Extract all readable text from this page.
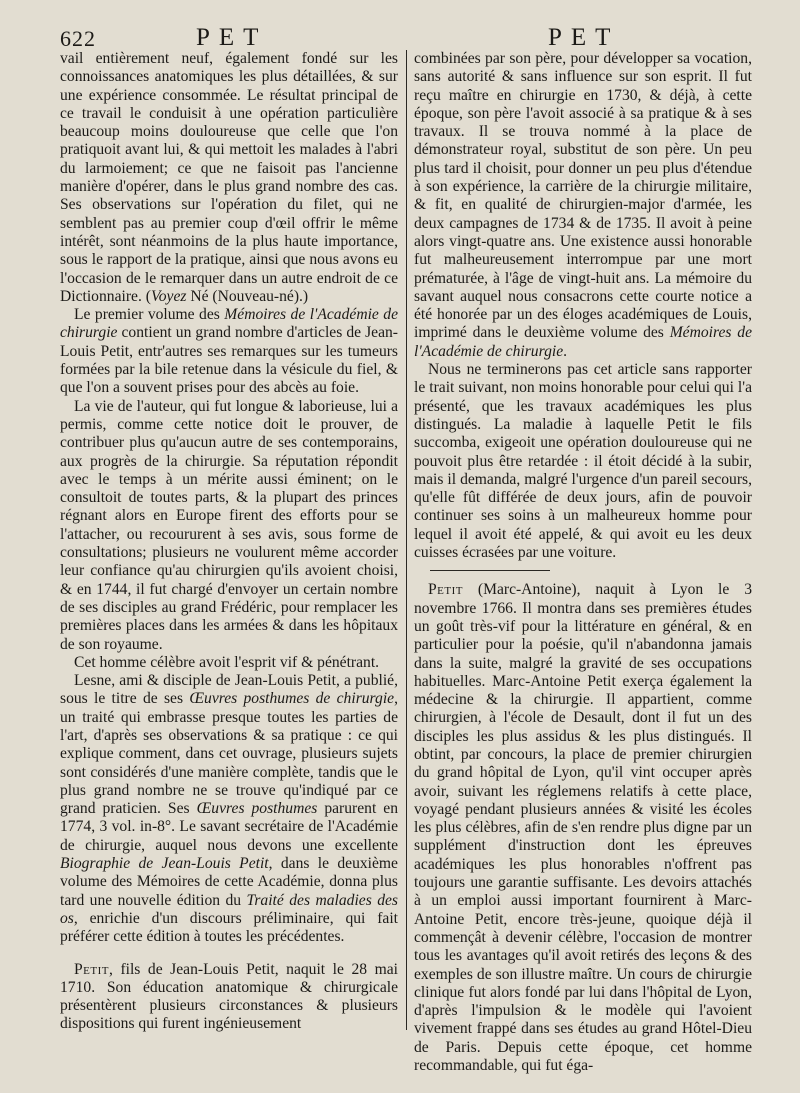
622	PET	PET

vail entièrement neuf, également fondé sur les connoissances anatomiques les plus détaillées, & sur une expérience consommée. Le résultat principal de ce travail le conduisit à une opération particulière beaucoup moins douloureuse que celle que l'on pratiquoit avant lui, & qui mettoit les malades à l'abri du larmoiement; ce que ne faisoit pas l'ancienne manière d'opérer, dans le plus grand nombre des cas. Ses observations sur l'opération du filet, qui ne semblent pas au premier coup d'œil offrir le même intérêt, sont néanmoins de la plus haute importance, sous le rapport de la pratique, ainsi que nous avons eu l'occasion de le remarquer dans un autre endroit de ce Dictionnaire. (Voyez Né (Nouveau-né).)

Le premier volume des Mémoires de l'Académie de chirurgie contient un grand nombre d'articles de Jean-Louis Petit, entr'autres ses remarques sur les tumeurs formées par la bile retenue dans la vésicule du fiel, & que l'on a souvent prises pour des abcès au foie.

La vie de l'auteur, qui fut longue & laborieuse, lui a permis, comme cette notice doit le prouver, de contribuer plus qu'aucun autre de ses contemporains, aux progrès de la chirurgie. Sa réputation répondit avec le temps à un mérite aussi éminent; on le consultoit de toutes parts, & la plupart des princes régnant alors en Europe firent des efforts pour se l'attacher, ou recoururent à ses avis, sous forme de consultations; plusieurs ne voulurent même accorder leur confiance qu'au chirurgien qu'ils avoient choisi, & en 1744, il fut chargé d'envoyer un certain nombre de ses disciples au grand Frédéric, pour remplacer les premières places dans les armées & dans les hôpitaux de son royaume.

Cet homme célèbre avoit l'esprit vif & pénétrant.

Lesne, ami & disciple de Jean-Louis Petit, a publié, sous le titre de ses Œuvres posthumes de chirurgie, un traité qui embrasse presque toutes les parties de l'art, d'après ses observations & sa pratique : ce qui explique comment, dans cet ouvrage, plusieurs sujets sont considérés d'une manière complète, tandis que le plus grand nombre ne se trouve qu'indiqué par ce grand praticien. Ses Œuvres posthumes parurent en 1774, 3 vol. in-8°. Le savant secrétaire de l'Académie de chirurgie, auquel nous devons une excellente Biographie de Jean-Louis Petit, dans le deuxième volume des Mémoires de cette Académie, donna plus tard une nouvelle édition du Traité des maladies des os, enrichie d'un discours préliminaire, qui fait préférer cette édition à toutes les précédentes.

Petit, fils de Jean-Louis Petit, naquit le 28 mai 1710. Son éducation anatomique & chirurgicale présentèrent plusieurs circonstances & plusieurs dispositions qui furent ingénieusement

combinées par son père, pour développer sa vocation, sans autorité & sans influence sur son esprit. Il fut reçu maître en chirurgie en 1730, & déjà, à cette époque, son père l'avoit associé à sa pratique & à ses travaux. Il se trouva nommé à la place de démonstrateur royal, substitut de son père. Un peu plus tard il choisit, pour donner un peu plus d'étendue à son expérience, la carrière de la chirurgie militaire, & fit, en qualité de chirurgien-major d'armée, les deux campagnes de 1734 & de 1735. Il avoit à peine alors vingt-quatre ans. Une existence aussi honorable fut malheureusement interrompue par une mort prématurée, à l'âge de vingt-huit ans. La mémoire du savant auquel nous consacrons cette courte notice a été honorée par un des éloges académiques de Louis, imprimé dans le deuxième volume des Mémoires de l'Académie de chirurgie.

Nous ne terminerons pas cet article sans rapporter le trait suivant, non moins honorable pour celui qui l'a présenté, que les travaux académiques les plus distingués. La maladie à laquelle Petit le fils succomba, exigeoit une opération douloureuse qui ne pouvoit plus être retardée : il étoit décidé à la subir, mais il demanda, malgré l'urgence d'un pareil secours, qu'elle fût différée de deux jours, afin de pouvoir continuer ses soins à un malheureux homme pour lequel il avoit été appelé, & qui avoit eu les deux cuisses écrasées par une voiture.

Petit (Marc-Antoine), naquit à Lyon le 3 novembre 1766. Il montra dans ses premières études un goût très-vif pour la littérature en général, & en particulier pour la poésie, qu'il n'abandonna jamais dans la suite, malgré la gravité de ses occupations habituelles. Marc-Antoine Petit exerça également la médecine & la chirurgie. Il appartient, comme chirurgien, à l'école de Desault, dont il fut un des disciples les plus assidus & les plus distingués. Il obtint, par concours, la place de premier chirurgien du grand hôpital de Lyon, qu'il vint occuper après avoir, suivant les réglemens relatifs à cette place, voyagé pendant plusieurs années & visité les écoles les plus célèbres, afin de s'en rendre plus digne par un supplément d'instruction dont les épreuves académiques les plus honorables n'offrent pas toujours une garantie suffisante. Les devoirs attachés à un emploi aussi important fournirent à Marc-Antoine Petit, encore très-jeune, quoique déjà il commençât à devenir célèbre, l'occasion de montrer tous les avantages qu'il avoit retirés des leçons & des exemples de son illustre maître. Un cours de chirurgie clinique fut alors fondé par lui dans l'hôpital de Lyon, d'après l'impulsion & le modèle qui l'avoient vivement frappé dans ses études au grand Hôtel-Dieu de Paris. Depuis cette époque, cet homme recommandable, qui fut éga-
